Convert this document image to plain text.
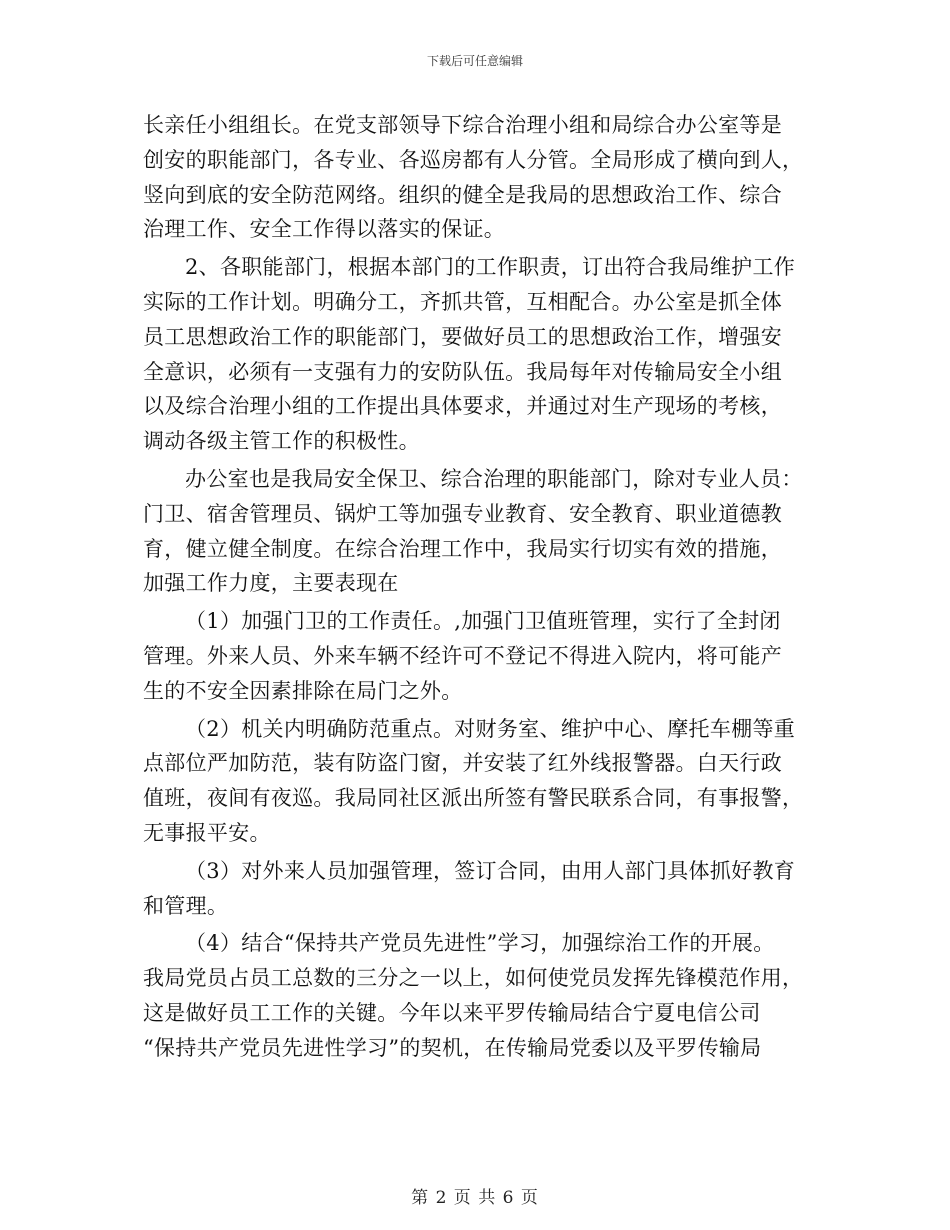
下载后可任意编辑
长亲任小组组长。在党支部领导下综合治理小组和局综合办公室等是
创安的职能部门，各专业、各巡房都有人分管。全局形成了横向到人，
竖向到底的安全防范网络。组织的健全是我局的思想政治工作、综合
治理工作、安全工作得以落实的保证。
2、各职能部门，根据本部门的工作职责，订出符合我局维护工作
实际的工作计划。明确分工，齐抓共管，互相配合。办公室是抓全体
员工思想政治工作的职能部门，要做好员工的思想政治工作，增强安
全意识，必须有一支强有力的安防队伍。我局每年对传输局安全小组
以及综合治理小组的工作提出具体要求，并通过对生产现场的考核，
调动各级主管工作的积极性。
办公室也是我局安全保卫、综合治理的职能部门，除对专业人员：
门卫、宿舍管理员、锅炉工等加强专业教育、安全教育、职业道德教
育，健立健全制度。在综合治理工作中，我局实行切实有效的措施，
加强工作力度，主要表现在
（1）加强门卫的工作责任。,加强门卫值班管理，实行了全封闭
管理。外来人员、外来车辆不经许可不登记不得进入院内，将可能产
生的不安全因素排除在局门之外。
（2）机关内明确防范重点。对财务室、维护中心、摩托车棚等重
点部位严加防范，装有防盗门窗，并安装了红外线报警器。白天行政
值班，夜间有夜巡。我局同社区派出所签有警民联系合同，有事报警，
无事报平安。
（3）对外来人员加强管理，签订合同，由用人部门具体抓好教育
和管理。
（4）结合“保持共产党员先进性”学习，加强综治工作的开展。
我局党员占员工总数的三分之一以上，如何使党员发挥先锋模范作用，
这是做好员工工作的关键。今年以来平罗传输局结合宁夏电信公司
“保持共产党员先进性学习”的契机，在传输局党委以及平罗传输局
第 2 页 共 6 页
